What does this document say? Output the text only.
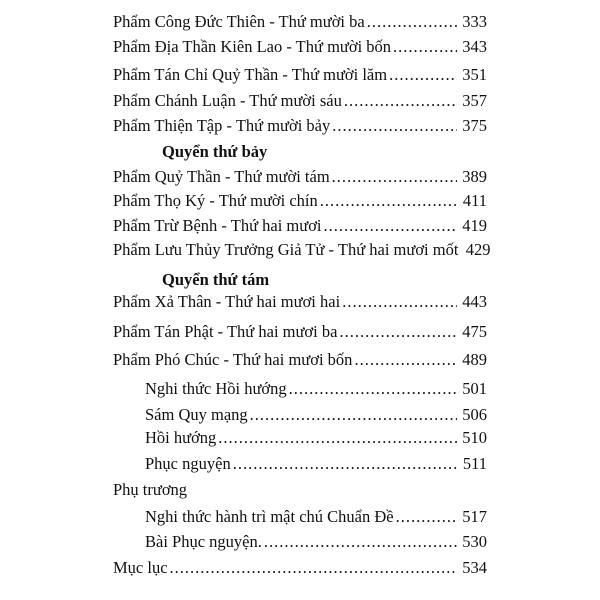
Phẩm Công Đức Thiên - Thứ mười ba .....	333
Phẩm Địa Thần Kiên Lao - Thứ mười bốn .....	343
Phẩm Tán Chỉ Quỷ Thần - Thứ mười lăm .....	351
Phẩm Chánh Luận - Thứ mười sáu .....	357
Phẩm Thiện Tập - Thứ mười bảy .....	375
Quyển thứ bảy
Phẩm Quỷ Thần - Thứ mười tám .....	389
Phẩm Thọ Ký - Thứ mười chín .....	411
Phẩm Trừ Bệnh - Thứ hai mươi .....	419
Phẩm Lưu Thủy Trưởng Giả Tử - Thứ hai mươi mốt 429
Quyển thứ tám
Phẩm Xả Thân - Thứ hai mươi hai .....	443
Phẩm Tán Phật - Thứ hai mươi ba .....	475
Phẩm Phó Chúc - Thứ hai mươi bốn .....	489
Nghi thức Hồi hướng .....	501
Sám Quy mạng .....	506
Hồi hướng .....	510
Phục nguyện .....	511
Phụ trương
Nghi thức hành trì mật chú Chuẩn Đề .....	517
Bài Phục nguyện. .....	530
Mục lục .....	534
